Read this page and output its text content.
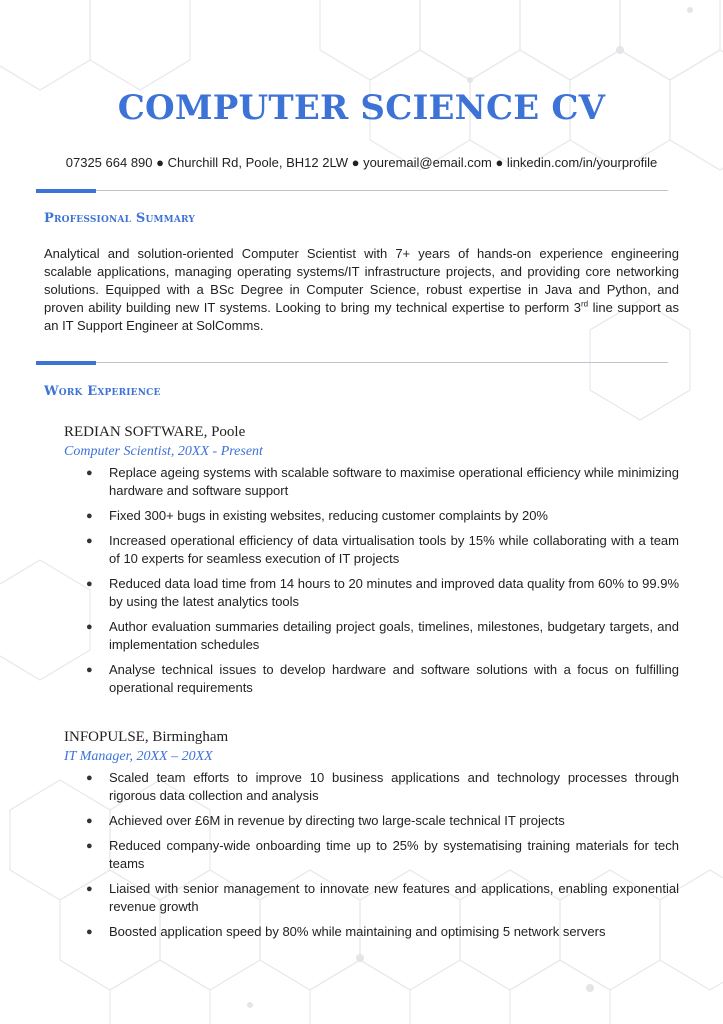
COMPUTER SCIENCE CV
07325 664 890 ● Churchill Rd, Poole, BH12 2LW ● youremail@email.com ● linkedin.com/in/yourprofile
Professional Summary
Analytical and solution-oriented Computer Scientist with 7+ years of hands-on experience engineering scalable applications, managing operating systems/IT infrastructure projects, and providing core networking solutions. Equipped with a BSc Degree in Computer Science, robust expertise in Java and Python, and proven ability building new IT systems. Looking to bring my technical expertise to perform 3rd line support as an IT Support Engineer at SolComms.
Work Experience
REDIAN SOFTWARE, Poole
Computer Scientist, 20XX - Present
● Replace ageing systems with scalable software to maximise operational efficiency while minimizing hardware and software support
● Fixed 300+ bugs in existing websites, reducing customer complaints by 20%
● Increased operational efficiency of data virtualisation tools by 15% while collaborating with a team of 10 experts for seamless execution of IT projects
● Reduced data load time from 14 hours to 20 minutes and improved data quality from 60% to 99.9% by using the latest analytics tools
● Author evaluation summaries detailing project goals, timelines, milestones, budgetary targets, and implementation schedules
● Analyse technical issues to develop hardware and software solutions with a focus on fulfilling operational requirements
INFOPULSE, Birmingham
IT Manager, 20XX – 20XX
● Scaled team efforts to improve 10 business applications and technology processes through rigorous data collection and analysis
● Achieved over £6M in revenue by directing two large-scale technical IT projects
● Reduced company-wide onboarding time up to 25% by systematising training materials for tech teams
● Liaised with senior management to innovate new features and applications, enabling exponential revenue growth
● Boosted application speed by 80% while maintaining and optimising 5 network servers
